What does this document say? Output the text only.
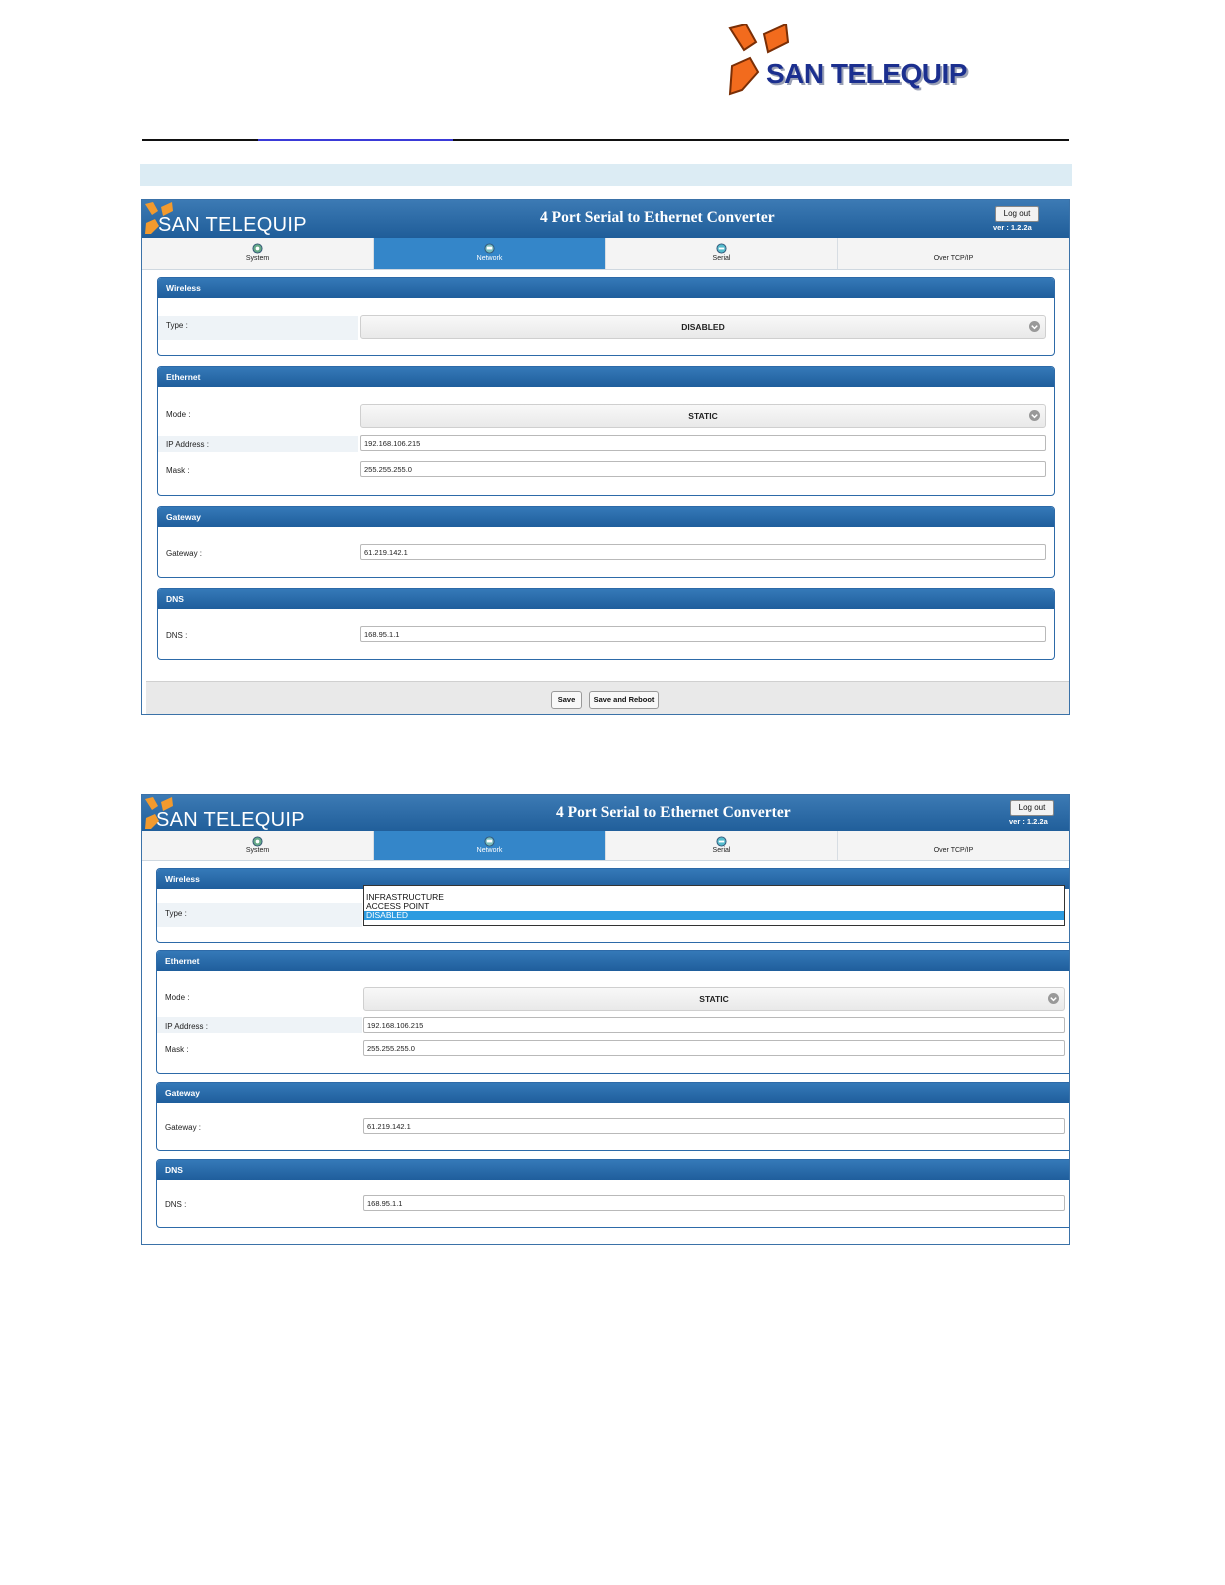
SAN TELEQUIP
SAN TELEQUIP	4 Port Serial to Ethernet Converter	Log out
ver : 1.2.2a
System	Network	Serial	Over TCP/IP
Wireless
Type :	DISABLED
Ethernet
Mode :	STATIC
IP Address :	192.168.106.215
Mask :	255.255.255.0
Gateway
Gateway :	61.219.142.1
DNS
DNS :	168.95.1.1
Save	Save and Reboot
SAN TELEQUIP	4 Port Serial to Ethernet Converter	Log out
ver : 1.2.2a
System	Network	Serial	Over TCP/IP
Wireless
Type :
INFRASTRUCTURE
ACCESS POINT
DISABLED
Ethernet
Mode :	STATIC
IP Address :	192.168.106.215
Mask :	255.255.255.0
Gateway
Gateway :	61.219.142.1
DNS
DNS :	168.95.1.1
